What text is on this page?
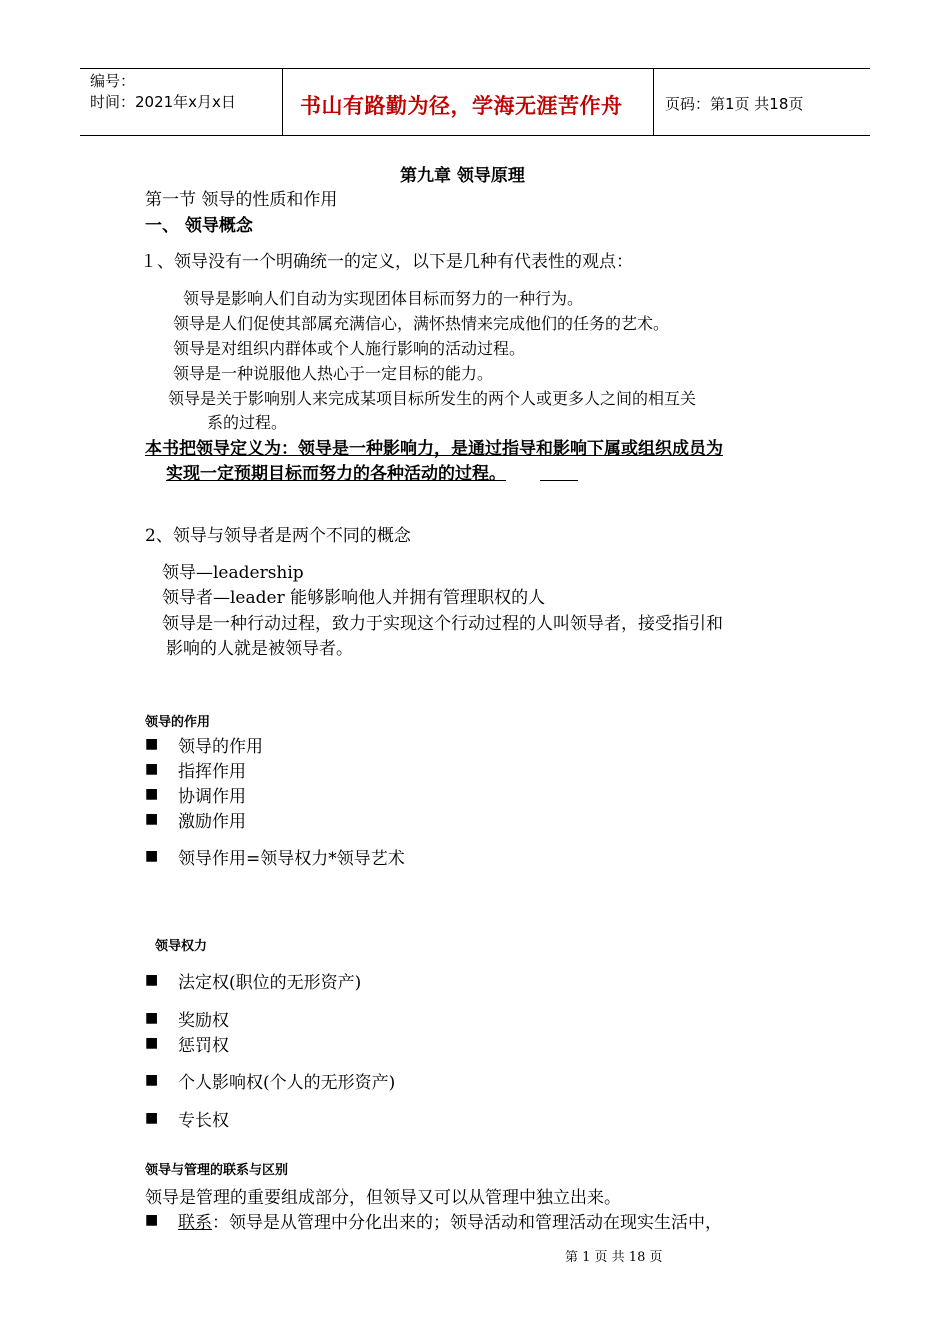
编号：
时间：2021年x月x日	书山有路勤为径，学海无涯苦作舟	页码：第1页 共18页
第九章 领导原理
第一节 领导的性质和作用
一、 领导概念
１、领导没有一个明确统一的定义，以下是几种有代表性的观点：
领导是影响人们自动为实现团体目标而努力的一种行为。
领导是人们促使其部属充满信心，满怀热情来完成他们的任务的艺术。
领导是对组织内群体或个人施行影响的活动过程。
领导是一种说服他人热心于一定目标的能力。
领导是关于影响别人来完成某项目标所发生的两个人或更多人之间的相互关
系的过程。
本书把领导定义为：领导是一种影响力，是通过指导和影响下属或组织成员为
实现一定预期目标而努力的各种活动的过程。
2、领导与领导者是两个不同的概念
领导—leadership
领导者—leader 能够影响他人并拥有管理职权的人
领导是一种行动过程，致力于实现这个行动过程的人叫领导者，接受指引和
影响的人就是被领导者。
领导的作用
■ 领导的作用
■ 指挥作用
■ 协调作用
■ 激励作用
■ 领导作用=领导权力*领导艺术
领导权力
■ 法定权(职位的无形资产)
■ 奖励权
■ 惩罚权
■ 个人影响权(个人的无形资产)
■ 专长权
领导与管理的联系与区别
领导是管理的重要组成部分，但领导又可以从管理中独立出来。
■ 联系：领导是从管理中分化出来的；领导活动和管理活动在现实生活中，
第 1 页 共 18 页
